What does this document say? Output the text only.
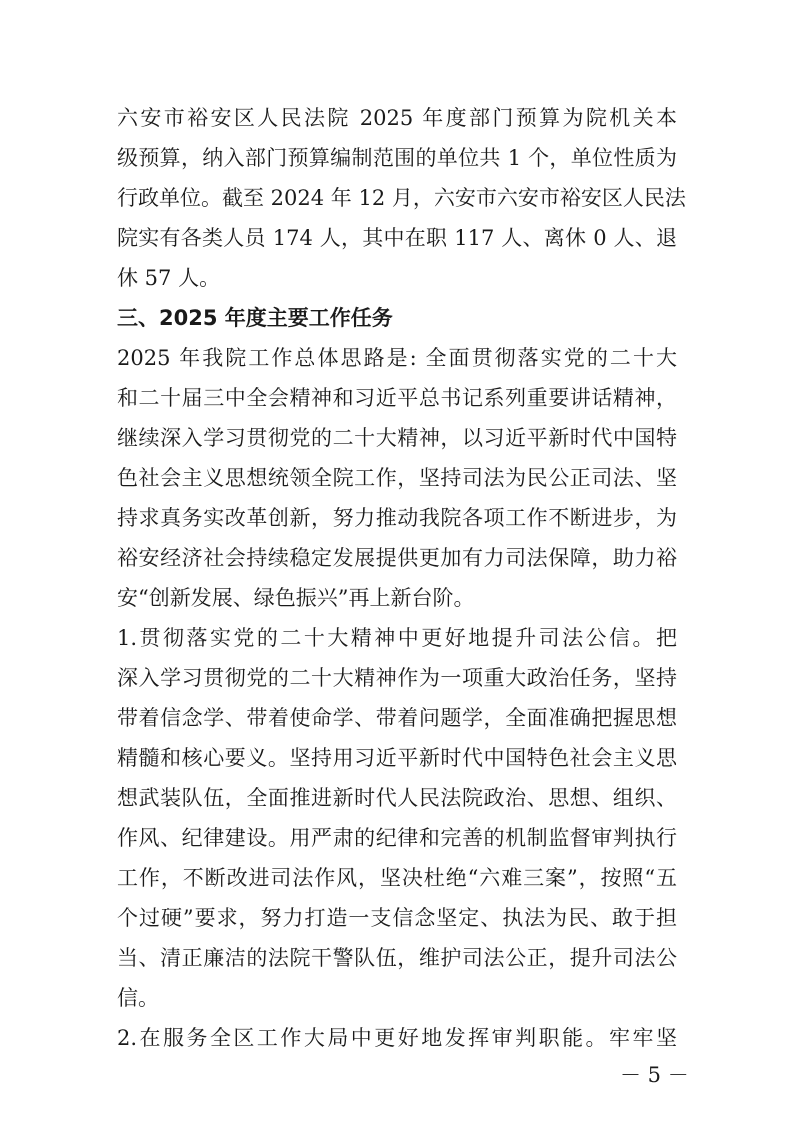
六安市裕安区人民法院 2025 年度部门预算为院机关本
级预算，纳入部门预算编制范围的单位共 1 个，单位性质为
行政单位。截至 2024 年 12 月，六安市六安市裕安区人民法
院实有各类人员 174 人，其中在职 117 人、离休 0 人、退
休 57 人。
三、2025 年度主要工作任务
2025 年我院工作总体思路是: 全面贯彻落实党的二十大
和二十届三中全会精神和习近平总书记系列重要讲话精神，
继续深入学习贯彻党的二十大精神，以习近平新时代中国特
色社会主义思想统领全院工作，坚持司法为民公正司法、坚
持求真务实改革创新，努力推动我院各项工作不断进步，为
裕安经济社会持续稳定发展提供更加有力司法保障，助力裕
安“创新发展、绿色振兴”再上新台阶。
1.贯彻落实党的二十大精神中更好地提升司法公信。把
深入学习贯彻党的二十大精神作为一项重大政治任务，坚持
带着信念学、带着使命学、带着问题学，全面准确把握思想
精髓和核心要义。坚持用习近平新时代中国特色社会主义思
想武装队伍，全面推进新时代人民法院政治、思想、组织、
作风、纪律建设。用严肃的纪律和完善的机制监督审判执行
工作，不断改进司法作风，坚决杜绝“六难三案”，按照“五
个过硬”要求，努力打造一支信念坚定、执法为民、敢于担
当、清正廉洁的法院干警队伍，维护司法公正，提升司法公
信。
2.在服务全区工作大局中更好地发挥审判职能。牢牢坚
－ 5 －
